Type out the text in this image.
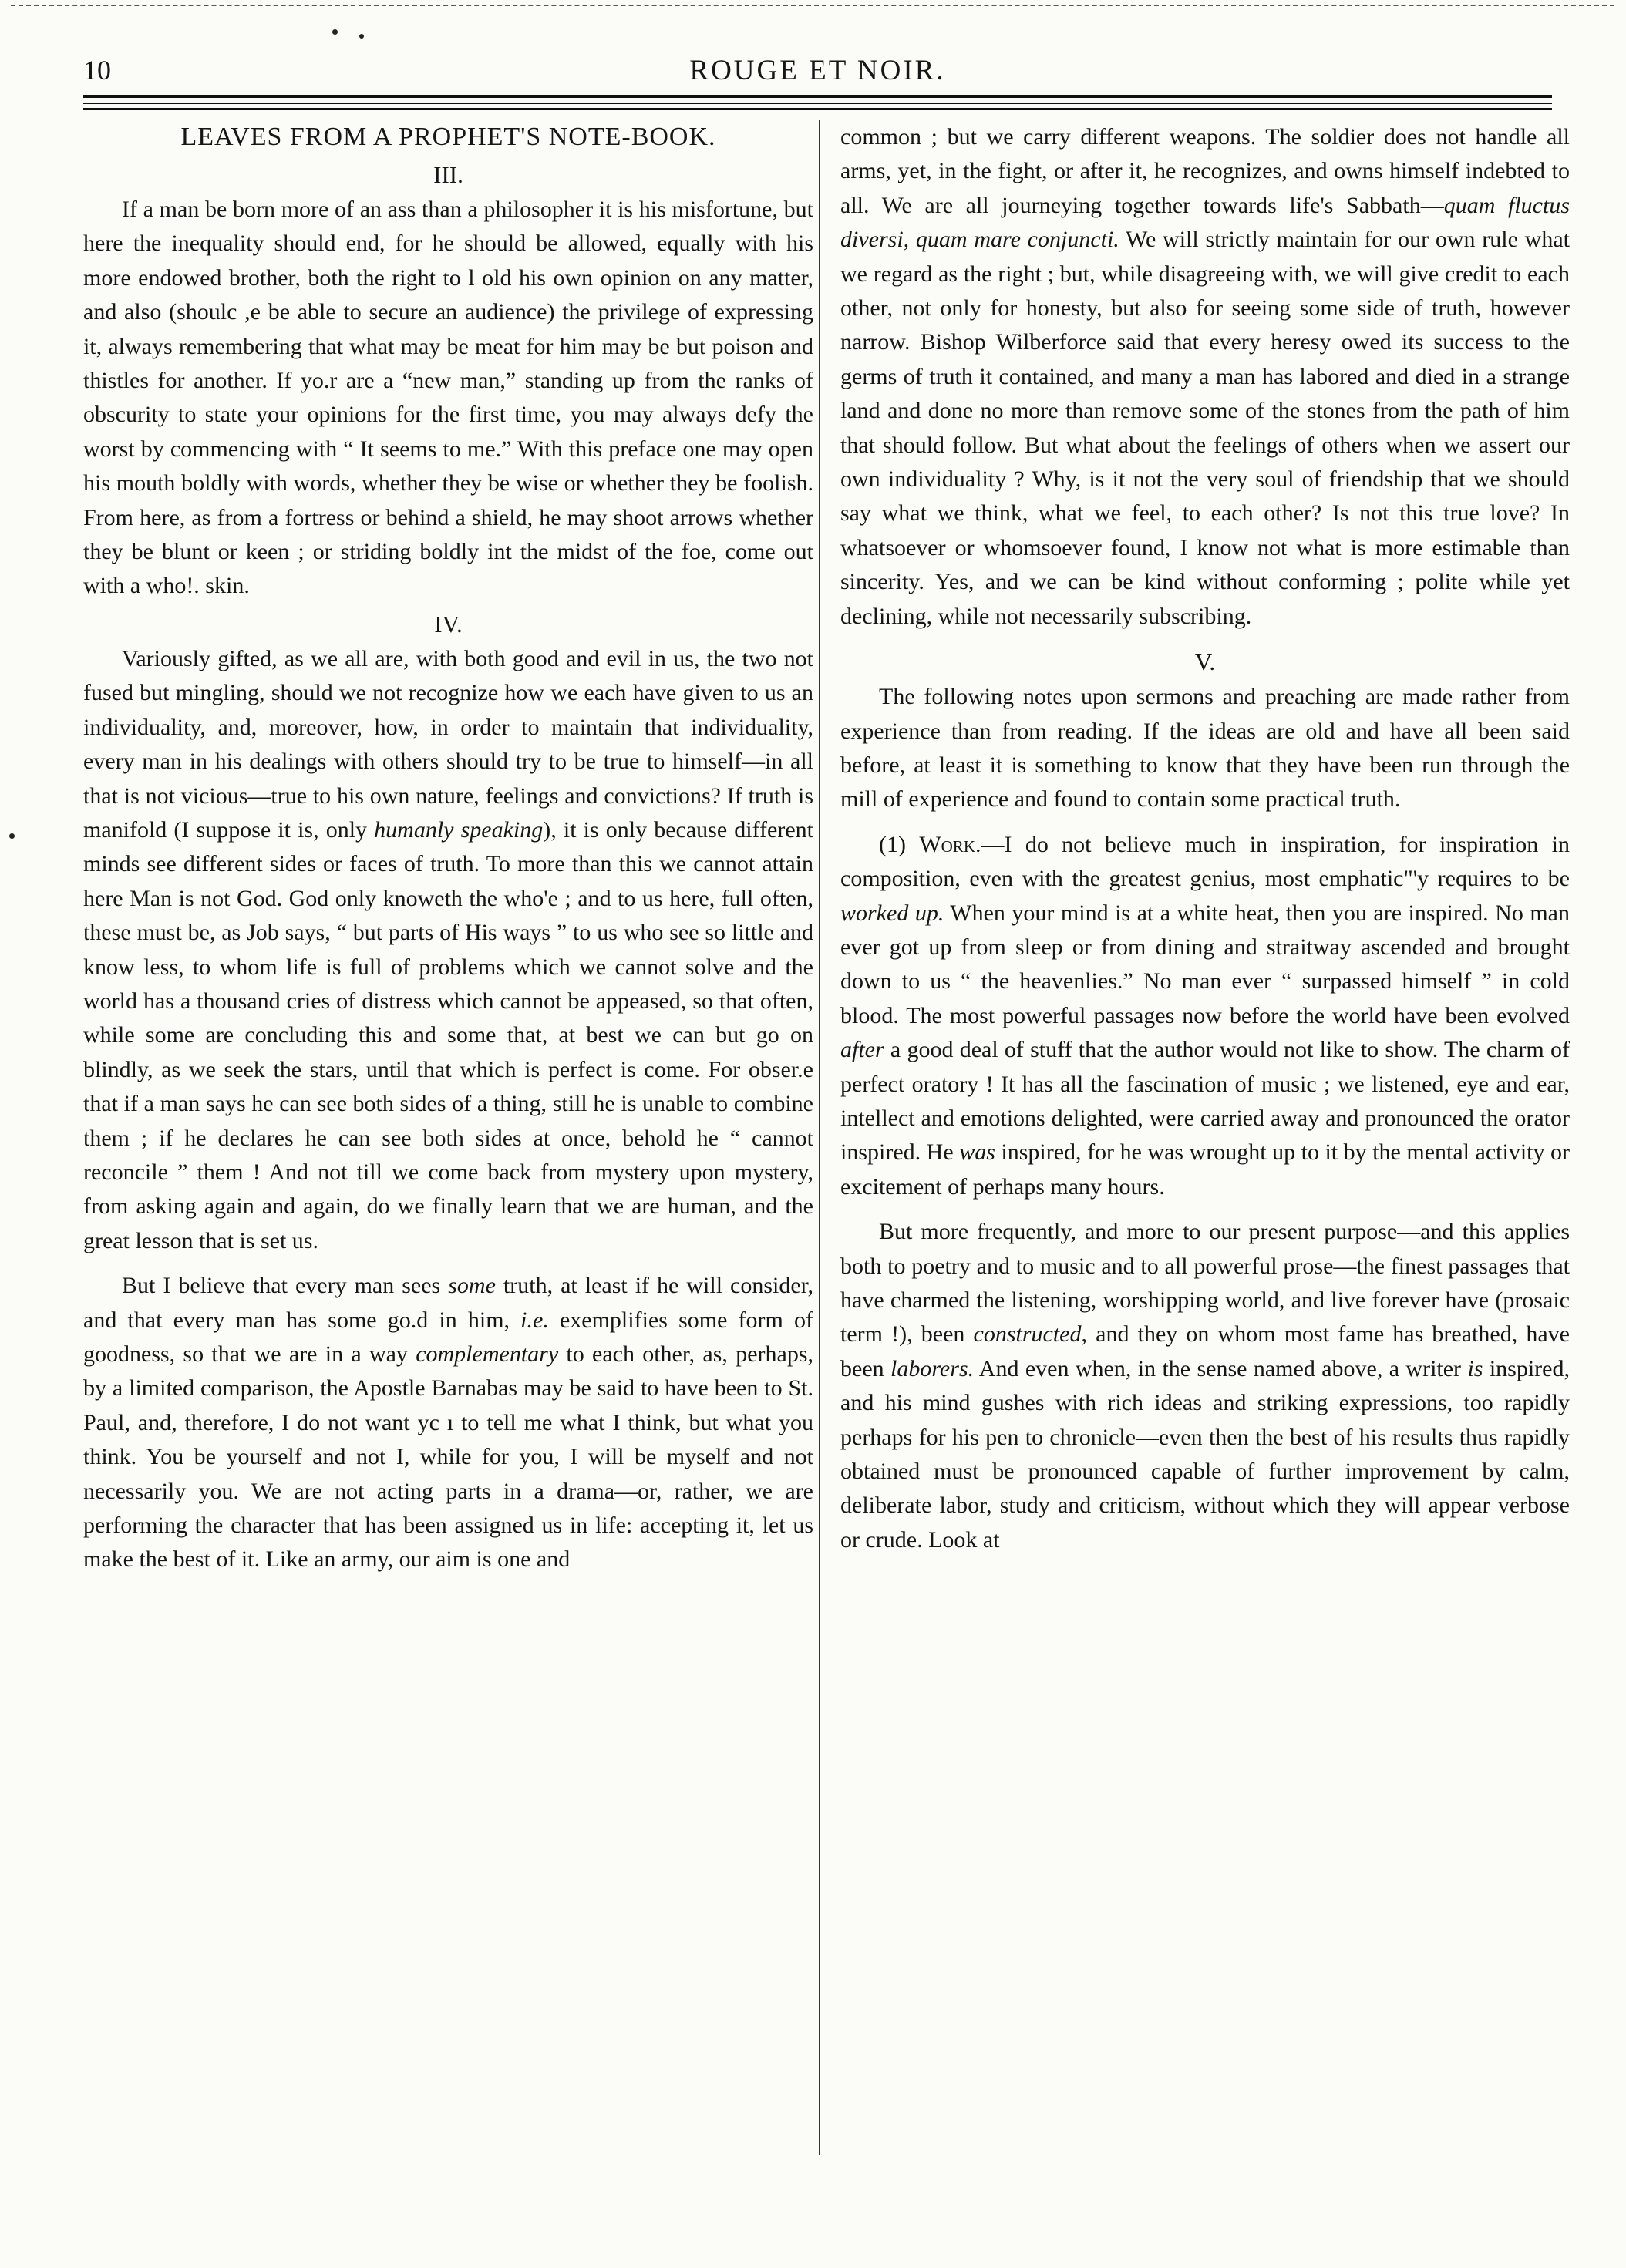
10	ROUGE ET NOIR.
LEAVES FROM A PROPHET'S NOTE-BOOK.
III.

If a man be born more of an ass than a philosopher it is his misfortune, but here the inequality should end, for he should be allowed, equally with his more endowed brother, both the right to l old his own opinion on any matter, and also (shoulc ,e be able to secure an audience) the privilege of expressing it, always remembering that what may be meat for him may be but poison and thistles for another. If yo.r are a “new man,” standing up from the ranks of obscurity to state your opinions for the first time, you may always defy the worst by commencing with “ It seems to me.” With this preface one may open his mouth boldly with words, whether they be wise or whether they be foolish. From here, as from a fortress or behind a shield, he may shoot arrows whether they be blunt or keen ; or striding boldly int the midst of the foe, come out with a who!. skin.

IV.

Variously gifted, as we all are, with both good and evil in us, the two not fused but mingling, should we not recognize how we each have given to us an individuality, and, moreover, how, in order to maintain that individuality, every man in his dealings with others should try to be true to himself—in all that is not vicious—true to his own nature, feelings and convictions? If truth is manifold (I suppose it is, only humanly speaking), it is only because different minds see different sides or faces of truth. To more than this we cannot attain here Man is not God. God only knoweth the who'e ; and to us here, full often, these must be, as Job says, “ but parts of His ways ” to us who see so little and know less, to whom life is full of problems which we cannot solve and the world has a thousand cries of distress which cannot be appeased, so that often, while some are concluding this and some that, at best we can but go on blindly, as we seek the stars, until that which is perfect is come. For obser.e that if a man says he can see both sides of a thing, still he is unable to combine them ; if he declares he can see both sides at once, behold he “ cannot reconcile ” them ! And not till we come back from mystery upon mystery, from asking again and again, do we finally learn that we are human, and the great lesson that is set us.

But I believe that every man sees some truth, at least if he will consider, and that every man has some go.d in him, i.e. exemplifies some form of goodness, so that we are in a way complementary to each other, as, perhaps, by a limited comparison, the Apostle Barnabas may be said to have been to St. Paul, and, therefore, I do not want yc ı to tell me what I think, but what you think. You be yourself and not I, while for you, I will be myself and not necessarily you. We are not acting parts in a drama—or, rather, we are performing the character that has been assigned us in life: accepting it, let us make the best of it. Like an army, our aim is one and

common ; but we carry different weapons. The soldier does not handle all arms, yet, in the fight, or after it, he recognizes, and owns himself indebted to all. We are all journeying together towards life's Sabbath—quam fluctus diversi, quam mare conjuncti. We will strictly maintain for our own rule what we regard as the right ; but, while disagreeing with, we will give credit to each other, not only for honesty, but also for seeing some side of truth, however narrow. Bishop Wilberforce said that every heresy owed its success to the germs of truth it contained, and many a man has labored and died in a strange land and done no more than remove some of the stones from the path of him that should follow. But what about the feelings of others when we assert our own individuality ? Why, is it not the very soul of friendship that we should say what we think, what we feel, to each other? Is not this true love? In whatsoever or whomsoever found, I know not what is more estimable than sincerity. Yes, and we can be kind without conforming ; polite while yet declining, while not necessarily subscribing.

V.

The following notes upon sermons and preaching are made rather from experience than from reading. If the ideas are old and have all been said before, at least it is something to know that they have been run through the mill of experience and found to contain some practical truth.

(1) Work.—I do not believe much in inspiration, for inspiration in composition, even with the greatest genius, most emphatic"'y requires to be worked up. When your mind is at a white heat, then you are inspired. No man ever got up from sleep or from dining and straitway ascended and brought down to us “ the heavenlies.” No man ever “ surpassed himself ” in cold blood. The most powerful passages now before the world have been evolved after a good deal of stuff that the author would not like to show. The charm of perfect oratory ! It has all the fascination of music ; we listened, eye and ear, intellect and emotions delighted, were carried away and pronounced the orator inspired. He was inspired, for he was wrought up to it by the mental activity or excitement of perhaps many hours.

But more frequently, and more to our present purpose—and this applies both to poetry and to music and to all powerful prose—the finest passages that have charmed the listening, worshipping world, and live forever have (prosaic term !), been constructed, and they on whom most fame has breathed, have been laborers. And even when, in the sense named above, a writer is inspired, and his mind gushes with rich ideas and striking expressions, too rapidly perhaps for his pen to chronicle—even then the best of his results thus rapidly obtained must be pronounced capable of further improvement by calm, deliberate labor, study and criticism, without which they will appear verbose or crude. Look at
